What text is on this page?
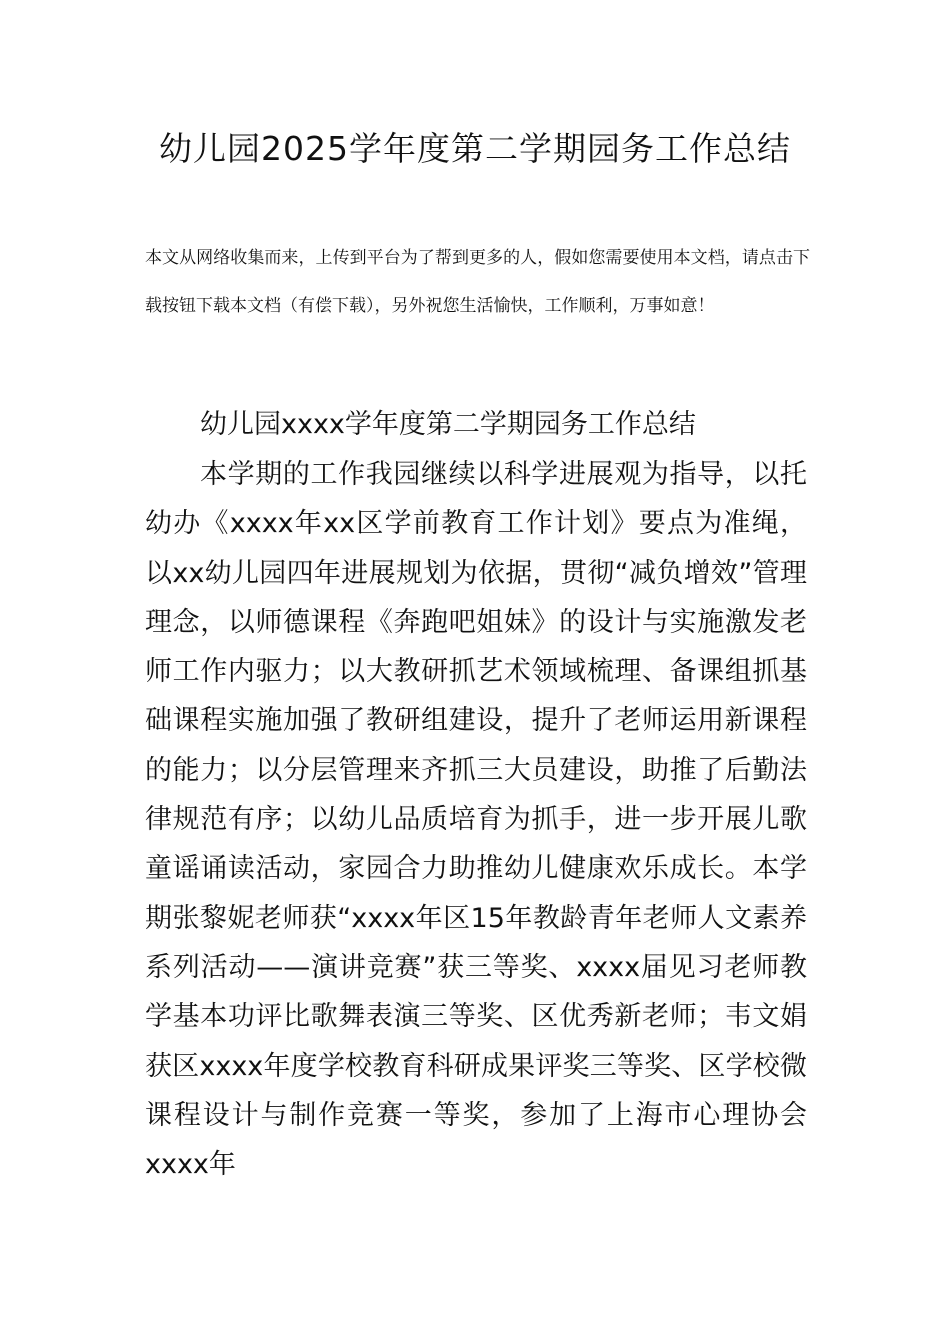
幼儿园2025学年度第二学期园务工作总结

本文从网络收集而来，上传到平台为了帮到更多的人，假如您需要使用本文档，请点击下载按钮下载本文档（有偿下载），另外祝您生活愉快，工作顺利，万事如意！

幼儿园xxxx学年度第二学期园务工作总结

本学期的工作我园继续以科学进展观为指导，以托幼办《xxxx年xx区学前教育工作计划》要点为准绳，以xx幼儿园四年进展规划为依据，贯彻“减负增效”管理理念，以师德课程《奔跑吧姐妹》的设计与实施激发老师工作内驱力；以大教研抓艺术领域梳理、备课组抓基础课程实施加强了教研组建设，提升了老师运用新课程的能力；以分层管理来齐抓三大员建设，助推了后勤法律规范有序；以幼儿品质培育为抓手，进一步开展儿歌童谣诵读活动，家园合力助推幼儿健康欢乐成长。本学期张黎妮老师获“xxxx年区15年教龄青年老师人文素养系列活动——演讲竞赛”获三等奖、xxxx届见习老师教学基本功评比歌舞表演三等奖、区优秀新老师；韦文娟获区xxxx年度学校教育科研成果评奖三等奖、区学校微课程设计与制作竞赛一等奖，参加了上海市心理协会xxxx年
